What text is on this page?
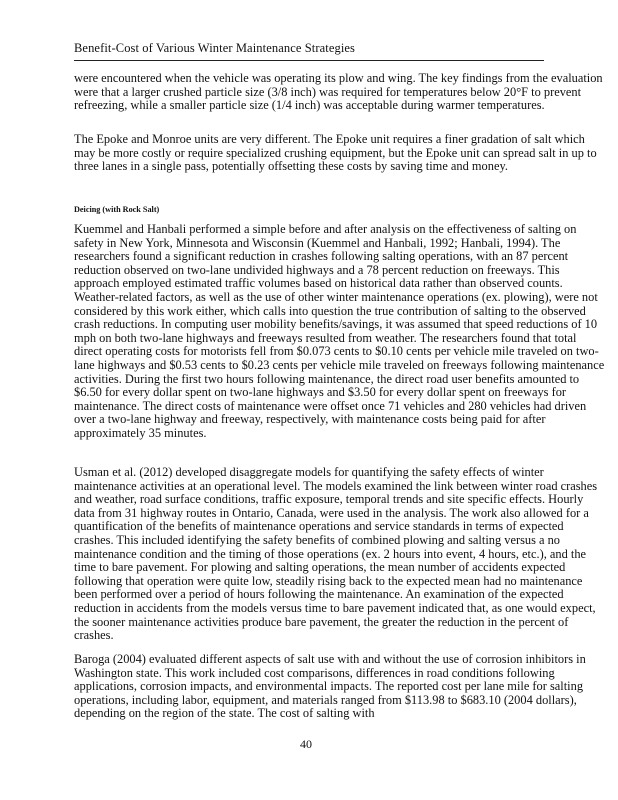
Benefit-Cost of Various Winter Maintenance Strategies

were encountered when the vehicle was operating its plow and wing. The key findings from the evaluation were that a larger crushed particle size (3/8 inch) was required for temperatures below 20°F to prevent refreezing, while a smaller particle size (1/4 inch) was acceptable during warmer temperatures.

The Epoke and Monroe units are very different. The Epoke unit requires a finer gradation of salt which may be more costly or require specialized crushing equipment, but the Epoke unit can spread salt in up to three lanes in a single pass, potentially offsetting these costs by saving time and money.

Deicing (with Rock Salt)

Kuemmel and Hanbali performed a simple before and after analysis on the effectiveness of salting on safety in New York, Minnesota and Wisconsin (Kuemmel and Hanbali, 1992; Hanbali, 1994). The researchers found a significant reduction in crashes following salting operations, with an 87 percent reduction observed on two-lane undivided highways and a 78 percent reduction on freeways. This approach employed estimated traffic volumes based on historical data rather than observed counts. Weather-related factors, as well as the use of other winter maintenance operations (ex. plowing), were not considered by this work either, which calls into question the true contribution of salting to the observed crash reductions. In computing user mobility benefits/savings, it was assumed that speed reductions of 10 mph on both two-lane highways and freeways resulted from weather. The researchers found that total direct operating costs for motorists fell from $0.073 cents to $0.10 cents per vehicle mile traveled on two-lane highways and $0.53 cents to $0.23 cents per vehicle mile traveled on freeways following maintenance activities. During the first two hours following maintenance, the direct road user benefits amounted to $6.50 for every dollar spent on two-lane highways and $3.50 for every dollar spent on freeways for maintenance. The direct costs of maintenance were offset once 71 vehicles and 280 vehicles had driven over a two-lane highway and freeway, respectively, with maintenance costs being paid for after approximately 35 minutes.

Usman et al. (2012) developed disaggregate models for quantifying the safety effects of winter maintenance activities at an operational level. The models examined the link between winter road crashes and weather, road surface conditions, traffic exposure, temporal trends and site specific effects. Hourly data from 31 highway routes in Ontario, Canada, were used in the analysis. The work also allowed for a quantification of the benefits of maintenance operations and service standards in terms of expected crashes. This included identifying the safety benefits of combined plowing and salting versus a no maintenance condition and the timing of those operations (ex. 2 hours into event, 4 hours, etc.), and the time to bare pavement. For plowing and salting operations, the mean number of accidents expected following that operation were quite low, steadily rising back to the expected mean had no maintenance been performed over a period of hours following the maintenance. An examination of the expected reduction in accidents from the models versus time to bare pavement indicated that, as one would expect, the sooner maintenance activities produce bare pavement, the greater the reduction in the percent of crashes.

Baroga (2004) evaluated different aspects of salt use with and without the use of corrosion inhibitors in Washington state. This work included cost comparisons, differences in road conditions following applications, corrosion impacts, and environmental impacts. The reported cost per lane mile for salting operations, including labor, equipment, and materials ranged from $113.98 to $683.10 (2004 dollars), depending on the region of the state. The cost of salting with

40
